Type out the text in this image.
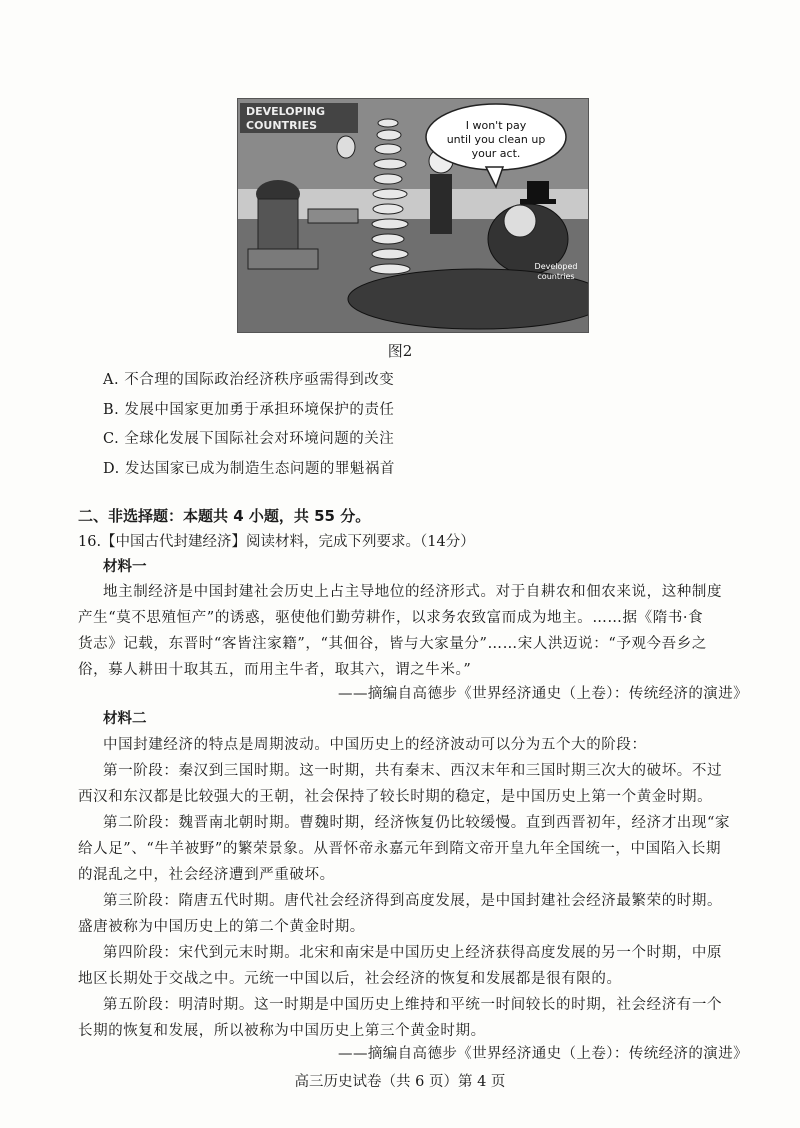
DEVELOPING
COUNTRIES	I won't pay
until you clean up
your act.
Developed
countries
图2
A. 不合理的国际政治经济秩序亟需得到改变
B. 发展中国家更加勇于承担环境保护的责任
C. 全球化发展下国际社会对环境问题的关注
D. 发达国家已成为制造生态问题的罪魁祸首
二、非选择题：本题共 4 小题，共 55 分。
16.【中国古代封建经济】阅读材料，完成下列要求。（14分）
材料一
地主制经济是中国封建社会历史上占主导地位的经济形式。对于自耕农和佃农来说，这种制度
产生“莫不思殖恒产”的诱惑，驱使他们勤劳耕作，以求务农致富而成为地主。……据《隋书·食
货志》记载，东晋时“客皆注家籍”，“其佃谷，皆与大家量分”……宋人洪迈说：“予观今吾乡之
俗，募人耕田十取其五，而用主牛者，取其六，谓之牛米。”
——摘编自高德步《世界经济通史（上卷）：传统经济的演进》
材料二
中国封建经济的特点是周期波动。中国历史上的经济波动可以分为五个大的阶段：
第一阶段：秦汉到三国时期。这一时期，共有秦末、西汉末年和三国时期三次大的破坏。不过
西汉和东汉都是比较强大的王朝，社会保持了较长时期的稳定，是中国历史上第一个黄金时期。
第二阶段：魏晋南北朝时期。曹魏时期，经济恢复仍比较缓慢。直到西晋初年，经济才出现“家
给人足”、“牛羊被野”的繁荣景象。从晋怀帝永嘉元年到隋文帝开皇九年全国统一，中国陷入长期
的混乱之中，社会经济遭到严重破坏。
第三阶段：隋唐五代时期。唐代社会经济得到高度发展，是中国封建社会经济最繁荣的时期。
盛唐被称为中国历史上的第二个黄金时期。
第四阶段：宋代到元末时期。北宋和南宋是中国历史上经济获得高度发展的另一个时期，中原
地区长期处于交战之中。元统一中国以后，社会经济的恢复和发展都是很有限的。
第五阶段：明清时期。这一时期是中国历史上维持和平统一时间较长的时期，社会经济有一个
长期的恢复和发展，所以被称为中国历史上第三个黄金时期。
——摘编自高德步《世界经济通史（上卷）：传统经济的演进》
高三历史试卷（共 6 页）第 4 页
